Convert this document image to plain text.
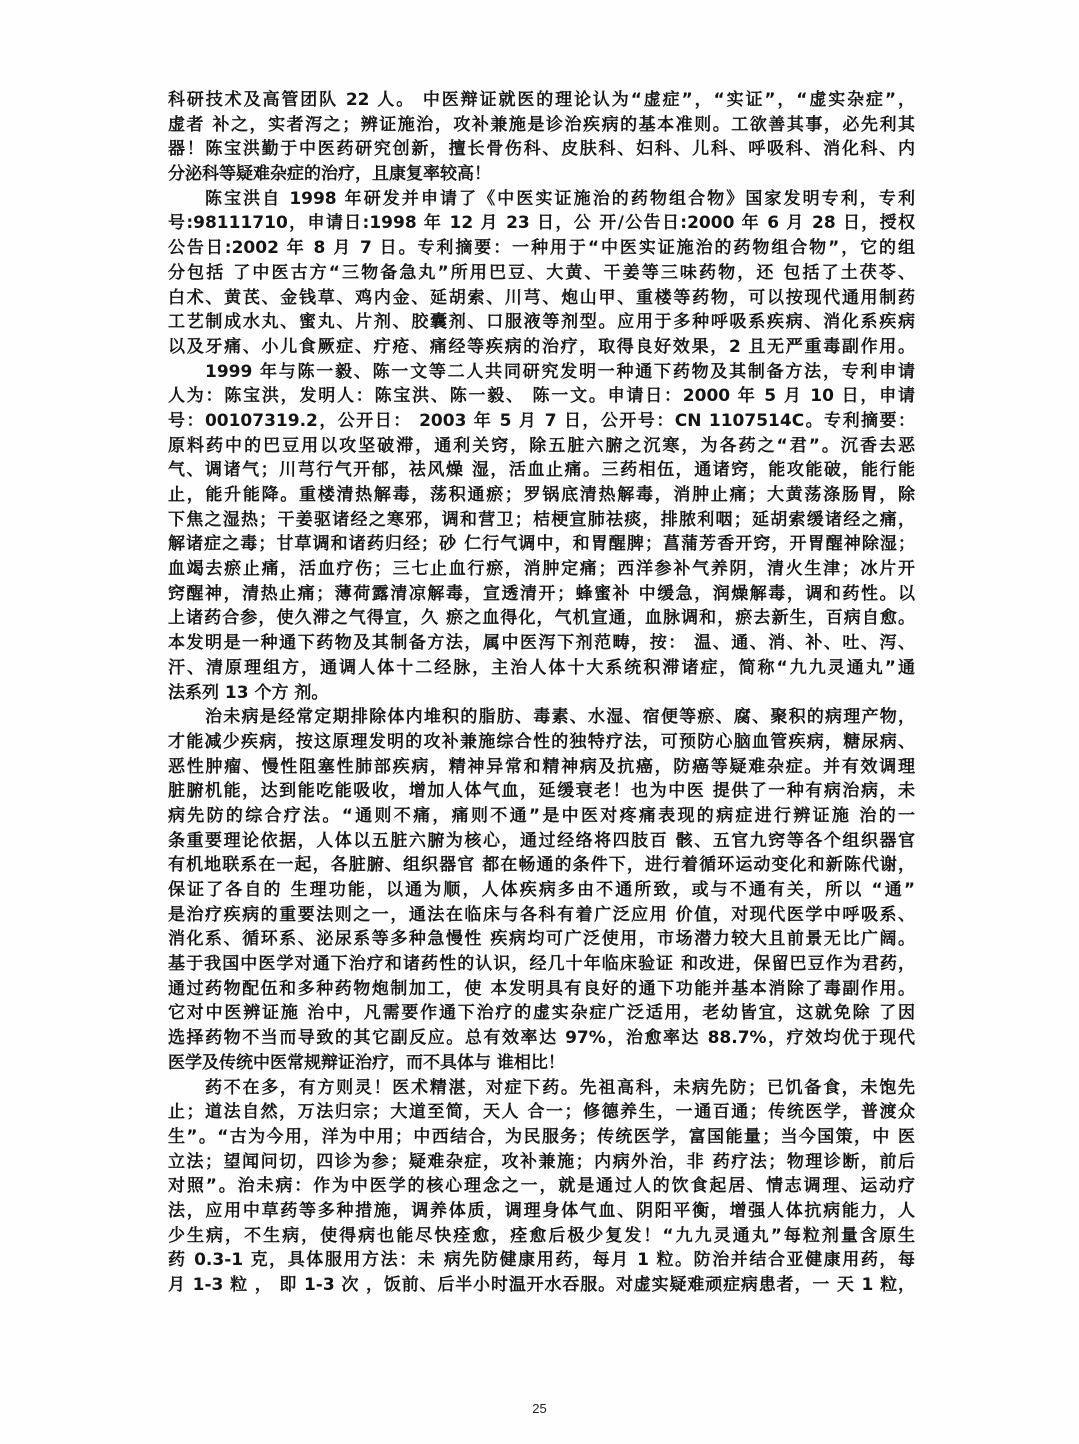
科研技术及高管团队 22 人。 中医辩证就医的理论认为“虚症”，“实证”，“虚实杂症”，
虚者 补之，实者泻之；辨证施治，攻补兼施是诊治疾病的基本准则。工欲善其事，必先利其
器！陈宝洪勤于中医药研究创新，擅长骨伤科、皮肤科、妇科、儿科、呼吸科、消化科、内
分泌科等疑难杂症的治疗，且康复率较高！
陈宝洪自 1998 年研发并申请了《中医实证施治的药物组合物》国家发明专利，专利
号:98111710，申请日:1998 年 12 月 23 日，公 开/公告日:2000 年 6 月 28 日，授权
公告日:2002 年 8 月 7 日。专利摘要：一种用于“中医实证施治的药物组合物”，它的组
分包括 了中医古方“三物备急丸”所用巴豆、大黄、干姜等三味药物，还 包括了土茯苓、
白术、黄芪、金钱草、鸡内金、延胡索、川芎、炮山甲、重楼等药物，可以按现代通用制药
工艺制成水丸、蜜丸、片剂、胶囊剂、口服液等剂型。应用于多种呼吸系疾病、消化系疾病
以及牙痛、小儿食厥症、疔疮、痛经等疾病的治疗，取得良好效果，2 且无严重毒副作用。
1999 年与陈一毅、陈一文等二人共同研究发明一种通下药物及其制备方法，专利申请
人为：陈宝洪，发明人：陈宝洪、陈一毅、 陈一文。申请日：2000 年 5 月 10 日，申请
号：00107319.2，公开日： 2003 年 5 月 7 日，公开号：CN 1107514C。专利摘要：
原料药中的巴豆用以攻坚破滞，通利关窍，除五脏六腑之沉寒，为各药之“君”。沉香去恶
气、调诸气；川芎行气开郁，祛风燥 湿，活血止痛。三药相伍，通诸窍，能攻能破，能行能
止，能升能降。重楼清热解毒，荡积通瘀；罗锅底清热解毒，消肿止痛；大黄荡涤肠胃，除
下焦之湿热；干姜驱诸经之寒邪，调和营卫；桔梗宣肺祛痰，排脓利咽；延胡索缓诸经之痛，
解诸症之毒；甘草调和诸药归经；砂 仁行气调中，和胃醒脾；菖蒲芳香开窍，开胃醒神除湿；
血竭去瘀止痛，活血疗伤；三七止血行瘀，消肿定痛；西洋参补气养阴，清火生津；冰片开
窍醒神，清热止痛；薄荷露清凉解毒，宣透清开；蜂蜜补 中缓急，润燥解毒，调和药性。以
上诸药合参，使久滞之气得宣，久 瘀之血得化，气机宣通，血脉调和，瘀去新生，百病自愈。
本发明是一种通下药物及其制备方法，属中医泻下剂范畴，按： 温、通、消、补、吐、泻、
汗、清原理组方，通调人体十二经脉，主治人体十大系统积滞诸症，简称“九九灵通丸”通
法系列 13 个方 剂。
治未病是经常定期排除体内堆积的脂肪、毒素、水湿、宿便等瘀、腐、聚积的病理产物，
才能减少疾病，按这原理发明的攻补兼施综合性的独特疗法，可预防心脑血管疾病，糖尿病、
恶性肿瘤、慢性阻塞性肺部疾病，精神异常和精神病及抗癌，防癌等疑难杂症。并有效调理
脏腑机能，达到能吃能吸收，增加人体气血，延缓衰老！也为中医 提供了一种有病治病，未
病先防的综合疗法。“通则不痛，痛则不通”是中医对疼痛表现的病症进行辨证施 治的一
条重要理论依据，人体以五脏六腑为核心，通过经络将四肢百 骸、五官九窍等各个组织器官
有机地联系在一起，各脏腑、组织器官 都在畅通的条件下，进行着循环运动变化和新陈代谢，
保证了各自的 生理功能，以通为顺，人体疾病多由不通所致，或与不通有关，所以 “通”
是治疗疾病的重要法则之一，通法在临床与各科有着广泛应用 价值，对现代医学中呼吸系、
消化系、循环系、泌尿系等多种急慢性 疾病均可广泛使用，市场潜力较大且前景无比广阔。
基于我国中医学对通下治疗和诸药性的认识，经几十年临床验证 和改进，保留巴豆作为君药，
通过药物配伍和多种药物炮制加工，使 本发明具有良好的通下功能并基本消除了毒副作用。
它对中医辨证施 治中，凡需要作通下治疗的虚实杂症广泛适用，老幼皆宜，这就免除 了因
选择药物不当而导致的其它副反应。总有效率达 97%，治愈率达 88.7%，疗效均优于现代
医学及传统中医常规辩证治疗，而不具体与 谁相比！
药不在多，有方则灵！医术精湛，对症下药。先祖高科，未病先防；已饥备食，未饱先
止；道法自然，万法归宗；大道至简，天人 合一；修德养生，一通百通；传统医学，普渡众
生”。“古为今用，洋为中用；中西结合，为民服务；传统医学，富国能量；当今国策，中 医
立法；望闻问切，四诊为参；疑难杂症，攻补兼施；内病外治，非 药疗法；物理诊断，前后
对照”。治未病：作为中医学的核心理念之一，就是通过人的饮食起居、情志调理、运动疗
法，应用中草药等多种措施，调养体质，调理身体气血、阴阳平衡，增强人体抗病能力，人
少生病，不生病，使得病也能尽快痊愈，痊愈后极少复发！“九九灵通丸”每粒剂量含原生
药 0.3-1 克，具体服用方法：未 病先防健康用药，每月 1 粒。防治并结合亚健康用药，每
月 1-3 粒 ， 即 1-3 次 ，饭前、后半小时温开水吞服。对虚实疑难顽症病患者，一 天 1 粒，
25
